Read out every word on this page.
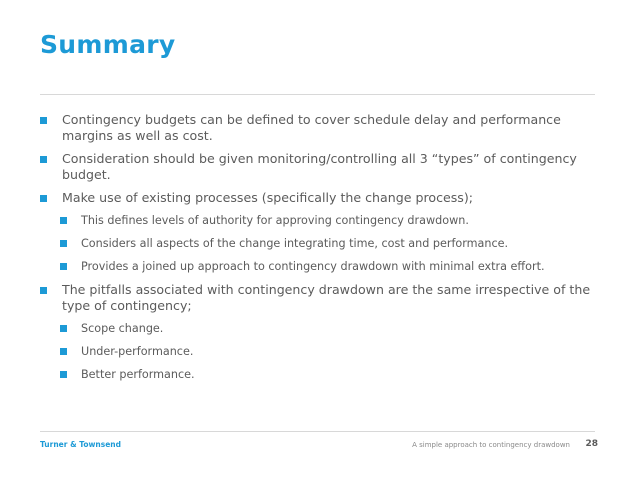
Summary
Contingency budgets can be defined to cover schedule delay and performance margins as well as cost.
Consideration should be given monitoring/controlling all 3 “types” of contingency budget.
Make use of existing processes (specifically the change process);
This defines levels of authority for approving contingency drawdown.
Considers all aspects of the change integrating time, cost and performance.
Provides a joined up approach to contingency drawdown with minimal extra effort.
The pitfalls associated with contingency drawdown are the same irrespective of the type of contingency;
Scope change.
Under-performance.
Better performance.
Turner & Townsend	A simple approach to contingency drawdown 28
